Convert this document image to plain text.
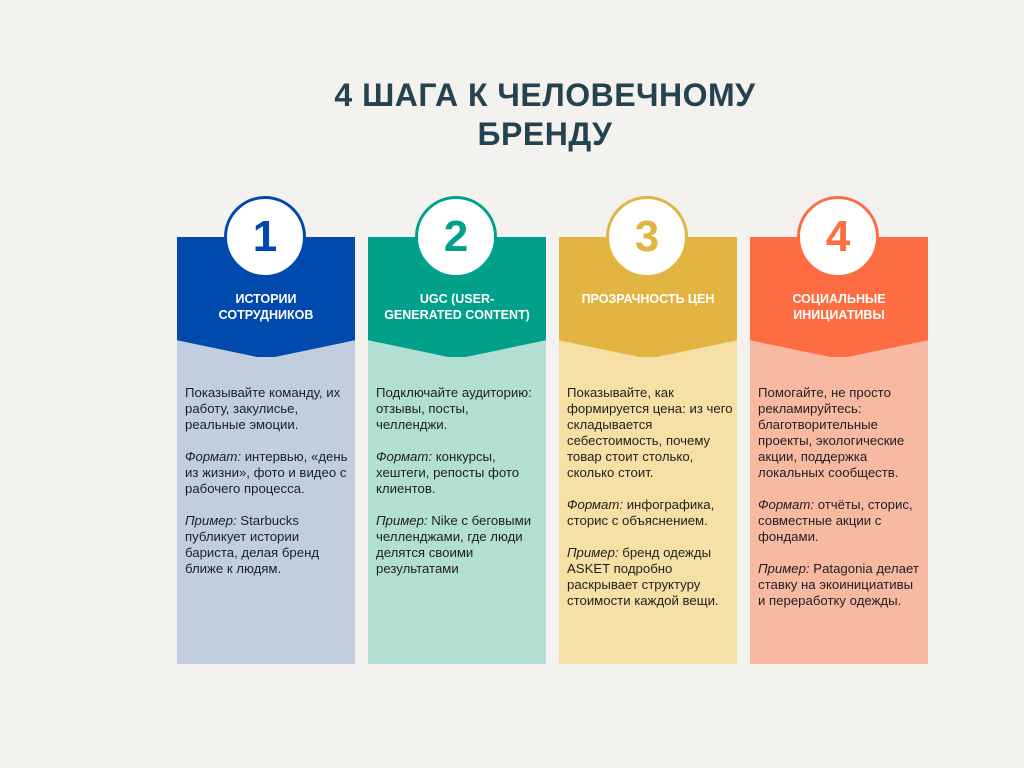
4 ШАГА К ЧЕЛОВЕЧНОМУ
БРЕНДУ
1
ИСТОРИИ
СОТРУДНИКОВ

Показывайте команду, их работу, закулисье, реальные эмоции.

Формат: интервью, «день из жизни», фото и видео с рабочего процесса.

Пример: Starbucks публикует истории бариста, делая бренд ближе к людям.

2
UGC (USER-
GENERATED CONTENT)

Подключайте аудиторию: отзывы, посты, челленджи.

Формат: конкурсы, хештеги, репосты фото клиентов.

Пример: Nike с беговыми челленджами, где люди делятся своими результатами

3
ПРОЗРАЧНОСТЬ ЦЕН

Показывайте, как формируется цена: из чего складывается себестоимость, почему товар стоит столько, сколько стоит.

Формат: инфографика, сторис с объяснением.

Пример: бренд одежды ASKET подробно раскрывает структуру стоимости каждой вещи.

4
СОЦИАЛЬНЫЕ
ИНИЦИАТИВЫ

Помогайте, не просто рекламируйтесь: благотворительные проекты, экологические акции, поддержка локальных сообществ.

Формат: отчёты, сторис, совместные акции с фондами.

Пример: Patagonia делает ставку на экоинициативы и переработку одежды.
